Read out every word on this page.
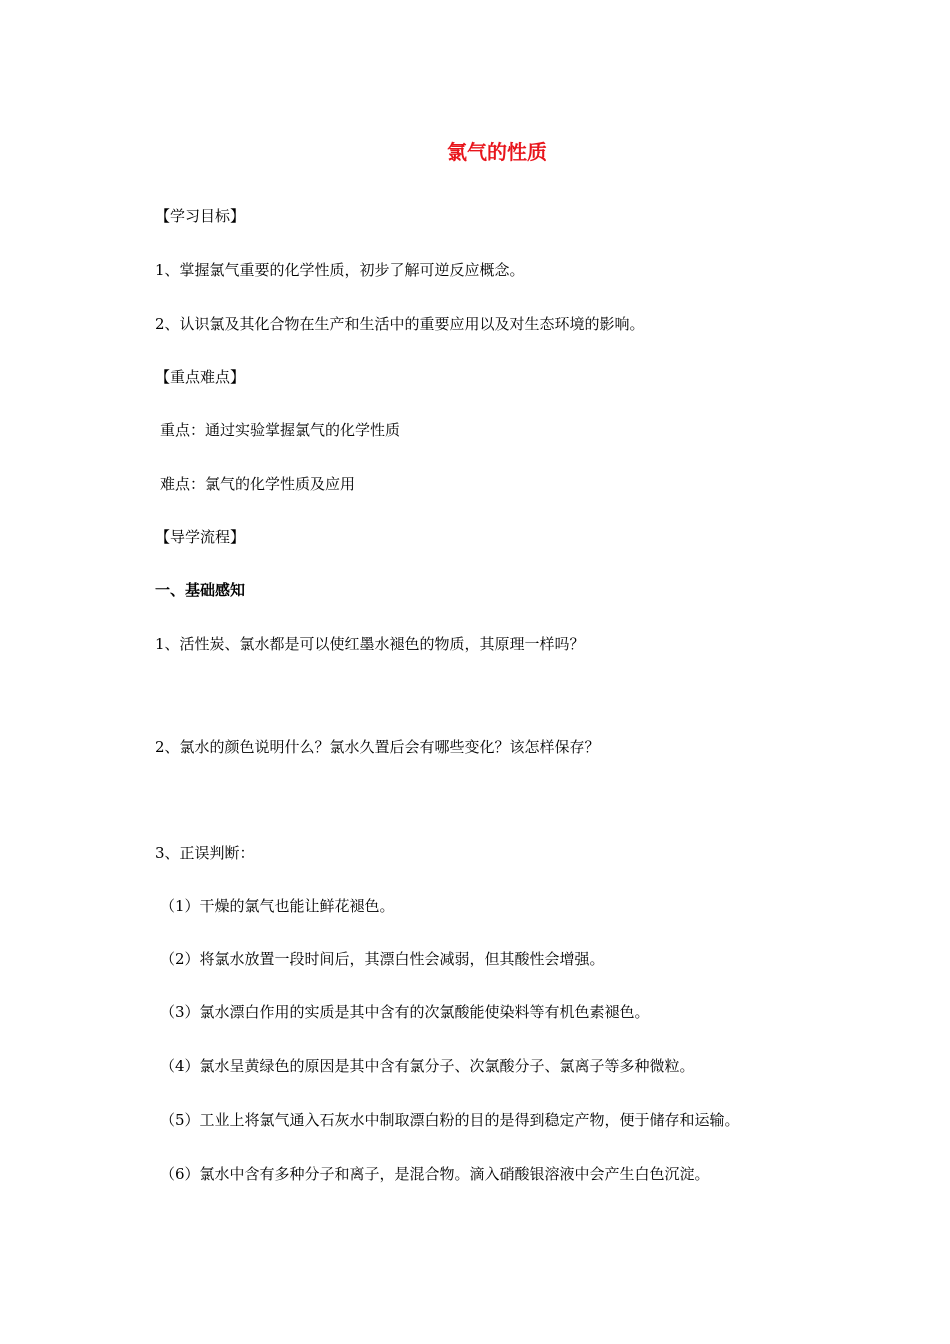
氯气的性质
【学习目标】
1、掌握氯气重要的化学性质，初步了解可逆反应概念。
2、认识氯及其化合物在生产和生活中的重要应用以及对生态环境的影响。
【重点难点】
重点：通过实验掌握氯气的化学性质
难点：氯气的化学性质及应用
【导学流程】
一、基础感知
1、活性炭、氯水都是可以使红墨水褪色的物质，其原理一样吗？
2、氯水的颜色说明什么？氯水久置后会有哪些变化？该怎样保存？
3、正误判断：
（1）干燥的氯气也能让鲜花褪色。
（2）将氯水放置一段时间后，其漂白性会减弱，但其酸性会增强。
（3）氯水漂白作用的实质是其中含有的次氯酸能使染料等有机色素褪色。
（4）氯水呈黄绿色的原因是其中含有氯分子、次氯酸分子、氯离子等多种微粒。
（5）工业上将氯气通入石灰水中制取漂白粉的目的是得到稳定产物，便于储存和运输。
（6）氯水中含有多种分子和离子，是混合物。滴入硝酸银溶液中会产生白色沉淀。
